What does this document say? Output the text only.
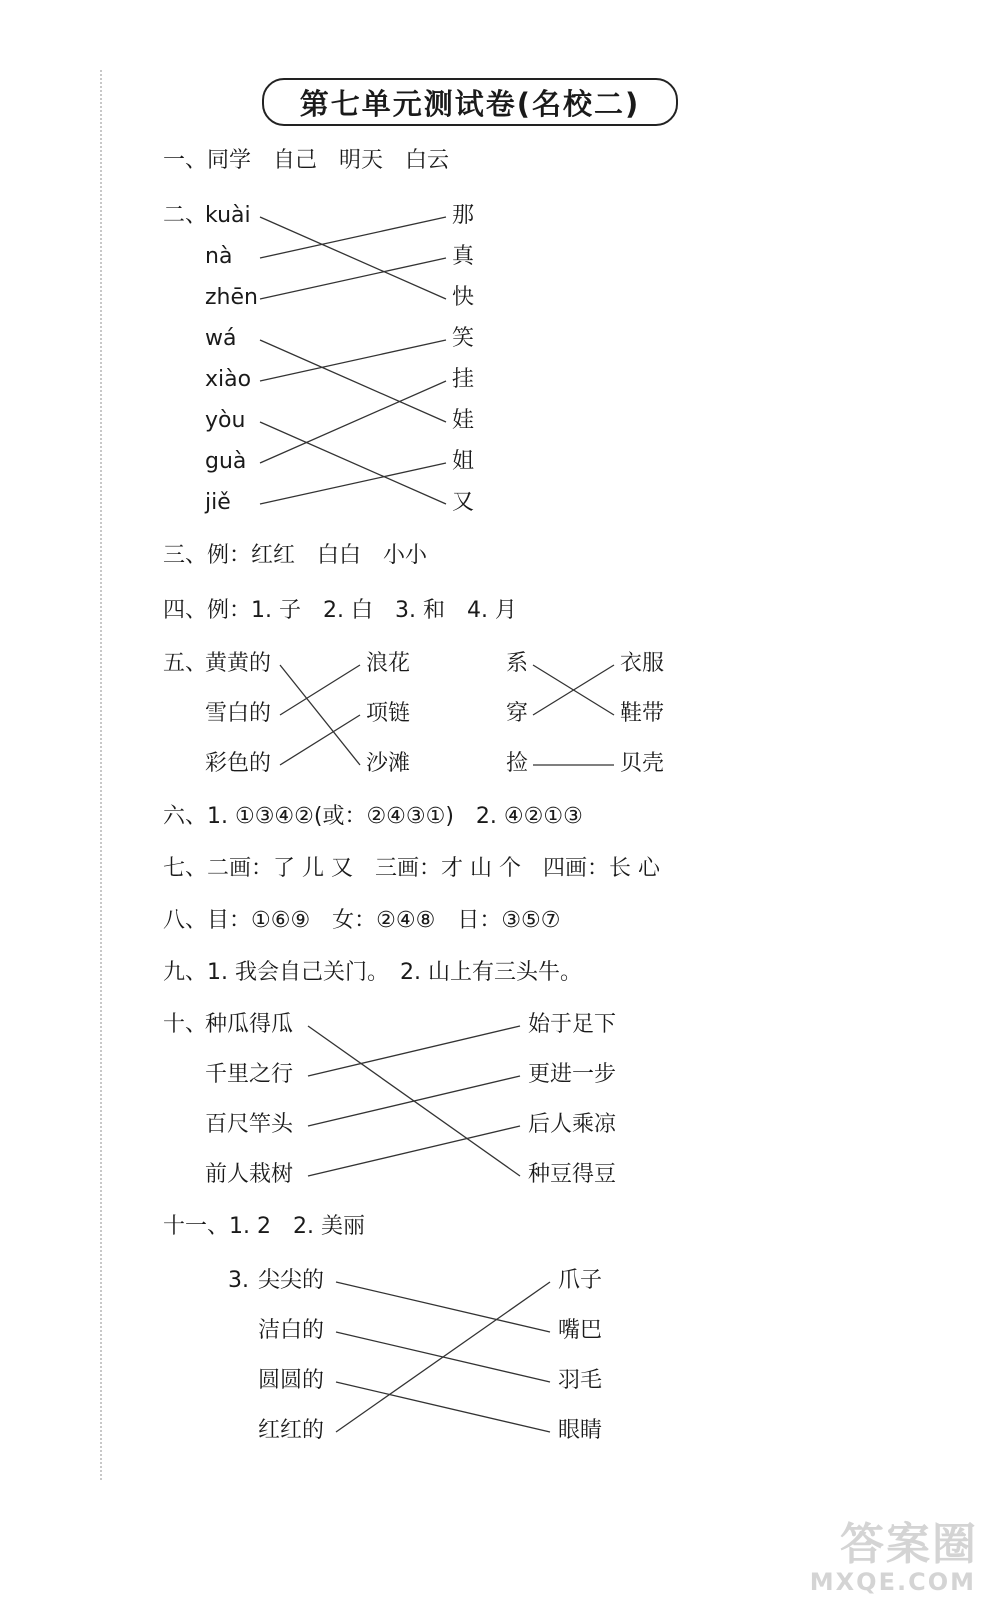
第七单元测试卷(名校二)
一、同学　自己　明天　白云
二、
kuài
nà
zhēn
wá
xiào
yòu
guà
jiě
那
真
快
笑
挂
娃
姐
又
三、例：红红　白白　小小
四、例：1. 子　2. 白　3. 和　4. 月
五、
黄黄的
雪白的
彩色的
浪花
项链
沙滩
系
穿
捡
衣服
鞋带
贝壳
六、1. ①③④②(或：②④③①)　2. ④②①③
七、二画：了 儿 又　三画：才 山 个　四画：长 心
八、目：①⑥⑨　女：②④⑧　日：③⑤⑦
九、1. 我会自己关门。　2. 山上有三头牛。
十、
种瓜得瓜
千里之行
百尺竿头
前人栽树
始于足下
更进一步
后人乘凉
种豆得豆
十一、1. 2　2. 美丽
3. 尖尖的
洁白的
圆圆的
红红的
爪子
嘴巴
羽毛
眼睛
答案圈
MXQE.COM
